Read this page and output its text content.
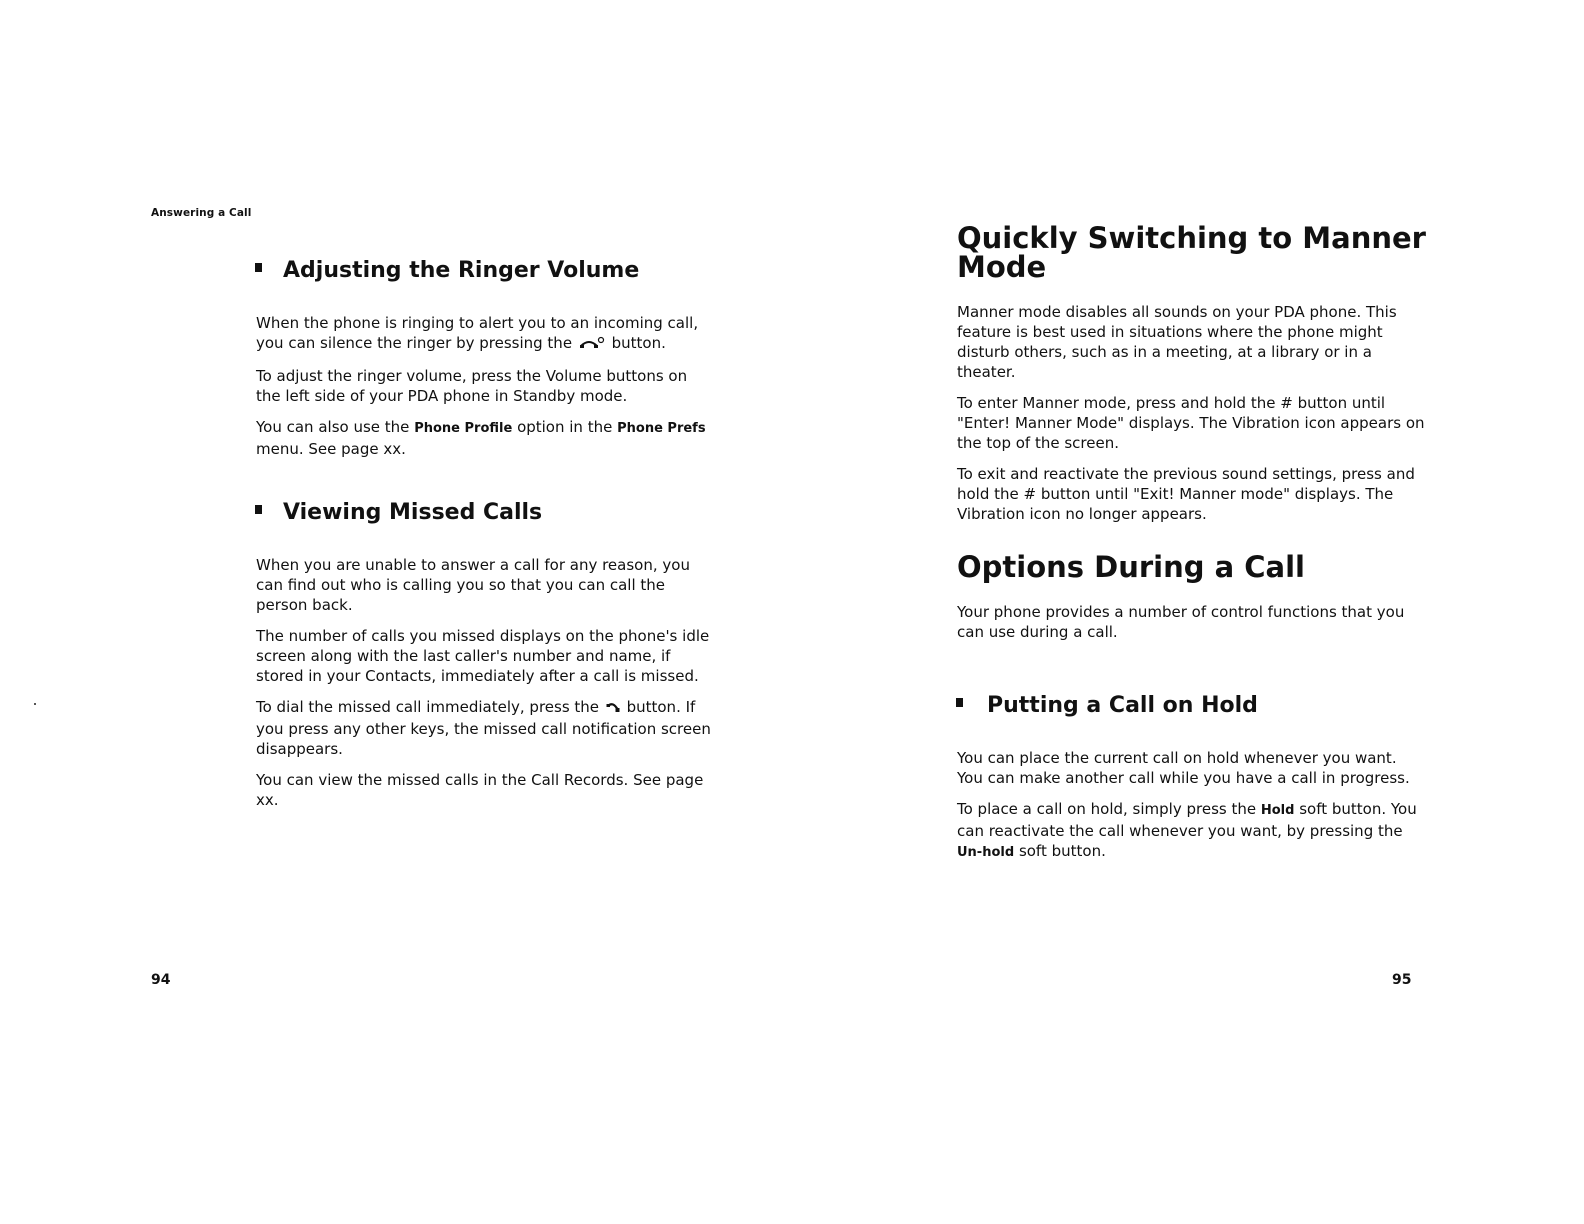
Answering a Call
Adjusting the Ringer Volume

When the phone is ringing to alert you to an incoming call, you can silence the ringer by pressing the	button.

To adjust the ringer volume, press the Volume buttons on the left side of your PDA phone in Standby mode.

You can also use the Phone Profile option in the Phone Prefs menu. See page xx.

Viewing Missed Calls

When you are unable to answer a call for any reason, you can find out who is calling you so that you can call the person back.

The number of calls you missed displays on the phone's idle screen along with the last caller's number and name, if stored in your Contacts, immediately after a call is missed.

To dial the missed call immediately, press the button. If you press any other keys, the missed call notification screen disappears.

You can view the missed calls in the Call Records. See page xx.

94
Quickly Switching to Manner Mode

Manner mode disables all sounds on your PDA phone. This feature is best used in situations where the phone might disturb others, such as in a meeting, at a library or in a theater.

To enter Manner mode, press and hold the # button until "Enter! Manner Mode" displays. The Vibration icon appears on the top of the screen.

To exit and reactivate the previous sound settings, press and hold the # button until "Exit! Manner mode" displays. The Vibration icon no longer appears.

Options During a Call

Your phone provides a number of control functions that you can use during a call.

Putting a Call on Hold

You can place the current call on hold whenever you want. You can make another call while you have a call in progress.

To place a call on hold, simply press the Hold soft button. You can reactivate the call whenever you want, by pressing the Un-hold soft button.

95
